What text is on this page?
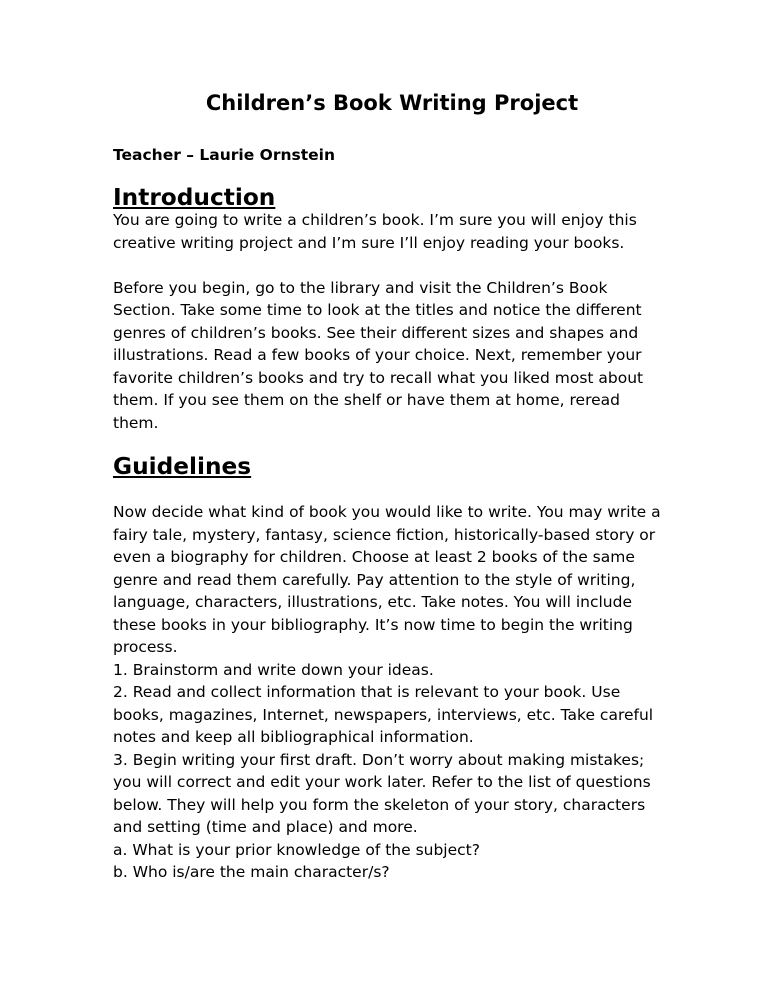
Children’s Book Writing Project

Teacher – Laurie Ornstein

Introduction

You are going to write a children’s book. I’m sure you will enjoy this creative writing project and I’m sure I’ll enjoy reading your books.

Before you begin, go to the library and visit the Children’s Book Section. Take some time to look at the titles and notice the different genres of children’s books. See their different sizes and shapes and illustrations. Read a few books of your choice. Next, remember your favorite children’s books and try to recall what you liked most about them. If you see them on the shelf or have them at home, reread them.

Guidelines

Now decide what kind of book you would like to write. You may write a fairy tale, mystery, fantasy, science fiction, historically-based story or even a biography for children. Choose at least 2 books of the same genre and read them carefully. Pay attention to the style of writing, language, characters, illustrations, etc. Take notes. You will include these books in your bibliography. It’s now time to begin the writing process.

1. Brainstorm and write down your ideas.
2. Read and collect information that is relevant to your book. Use books, magazines, Internet, newspapers, interviews, etc. Take careful notes and keep all bibliographical information.
3. Begin writing your first draft. Don’t worry about making mistakes; you will correct and edit your work later. Refer to the list of questions below. They will help you form the skeleton of your story, characters and setting (time and place) and more.
a. What is your prior knowledge of the subject?
b. Who is/are the main character/s?
